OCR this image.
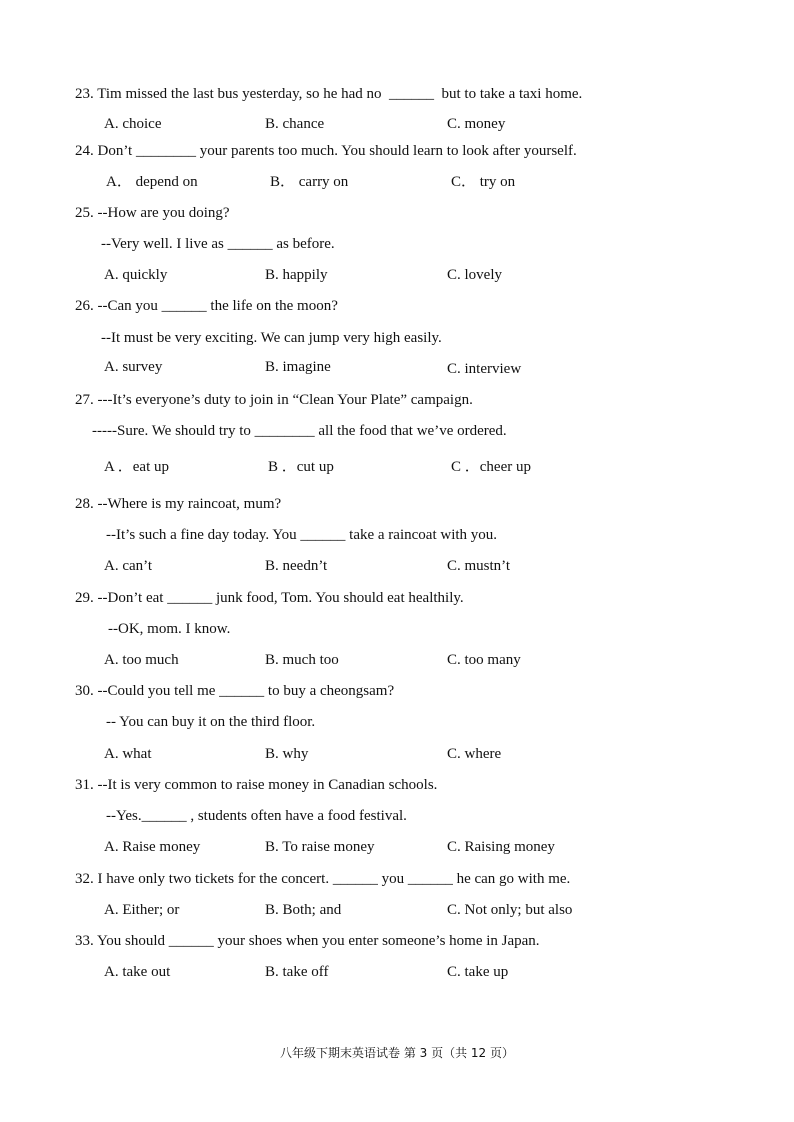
23. Tim missed the last bus yesterday, so he had no  ______  but to take a taxi home.
A. choice	B. chance	C. money
24. Don’t ________ your parents too much. You should learn to look after yourself.
A． depend on	B． carry on	C． try on
25. --How are you doing?
--Very well. I live as ______ as before.
A. quickly	B. happily	C. lovely
26. --Can you ______ the life on the moon?
--It must be very exciting. We can jump very high easily.
A. survey	B. imagine	C. interview
27. ---It’s everyone’s duty to join in “Clean Your Plate” campaign.
-----Sure. We should try to ________ all the food that we’ve ordered.
A ．eat up	B ．cut up	C ．cheer up
28. --Where is my raincoat, mum?
--It’s such a fine day today. You ______ take a raincoat with you.
A. can’t	B. needn’t	C. mustn’t
29. --Don’t eat ______ junk food, Tom. You should eat healthily.
--OK, mom. I know.
A. too much	B. much too	C. too many
30. --Could you tell me ______ to buy a cheongsam?
-- You can buy it on the third floor.
A. what	B. why	C. where
31. --It is very common to raise money in Canadian schools.
--Yes.______ , students often have a food festival.
A. Raise money	B. To raise money	C. Raising money
32. I have only two tickets for the concert. ______ you ______ he can go with me.
A. Either; or	B. Both; and	C. Not only; but also
33. You should ______ your shoes when you enter someone’s home in Japan.
A. take out	B. take off	C. take up
八年级下期末英语试卷 第 3 页（共 12 页）
